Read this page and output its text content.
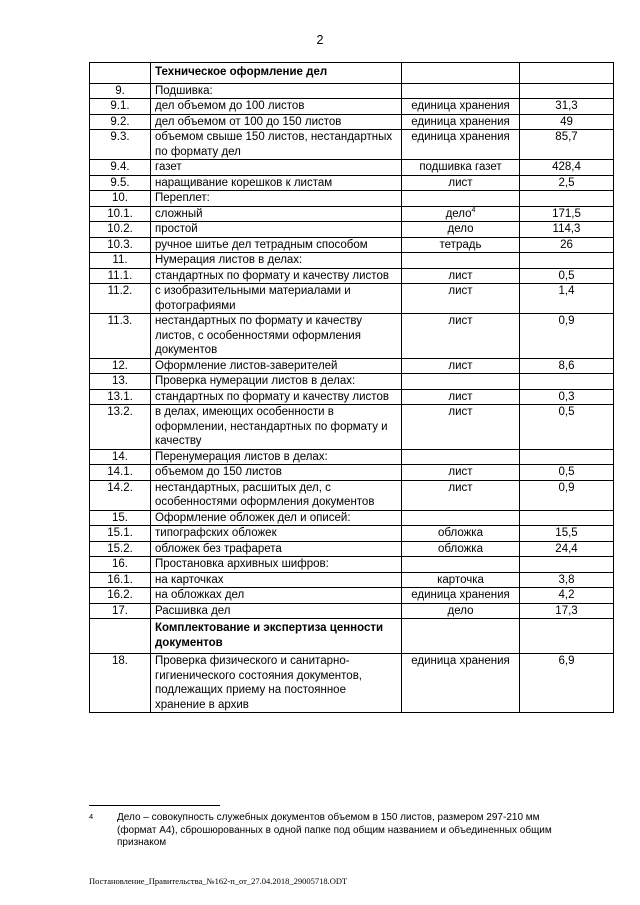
2
	Техническое оформление дел		
9.	Подшивка:		
9.1.	дел объемом до 100 листов	единица хранения	31,3
9.2.	дел объемом от 100 до 150 листов	единица хранения	49
9.3.	объемом свыше 150 листов, нестандартных по формату дел	единица хранения	85,7
9.4.	газет	подшивка газет	428,4
9.5.	наращивание корешков к листам	лист	2,5
10.	Переплет:		
10.1.	сложный	дело$^4$	171,5
10.2.	простой	дело	114,3
10.3.	ручное шитье дел тетрадным способом	тетрадь	26
11.	Нумерация листов в делах:		
11.1.	стандартных по формату и качеству листов	лист	0,5
11.2.	с изобразительными материалами и фотографиями	лист	1,4
11.3.	нестандартных по формату и качеству листов, с особенностями оформления документов	лист	0,9
12.	Оформление листов-заверителей	лист	8,6
13.	Проверка нумерации листов в делах:		
13.1.	стандартных по формату и качеству листов	лист	0,3
13.2.	в делах, имеющих особенности в оформлении, нестандартных по формату и качеству	лист	0,5
14.	Перенумерация листов в делах:		
14.1.	объемом до 150 листов	лист	0,5
14.2.	нестандартных, расшитых дел, с особенностями оформления документов	лист	0,9
15.	Оформление обложек дел и описей:		
15.1.	типографских обложек	обложка	15,5
15.2.	обложек без трафарета	обложка	24,4
16.	Простановка архивных шифров:		
16.1.	на карточках	карточка	3,8
16.2.	на обложках дел	единица хранения	4,2
17.	Расшивка дел	дело	17,3
	Комплектование и экспертиза ценности документов		
18.	Проверка физического и санитарно-гигиенического состояния документов, подлежащих приему на постоянное хранение в архив	единица хранения	6,9
4	Дело – совокупность служебных документов объемом в 150 листов, размером 297-210 мм (формат А4), сброшюрованных в одной папке под общим названием и объединенных общим признаком
Постановление_Правительства_№162-п_от_27.04.2018_29005718.ODT
